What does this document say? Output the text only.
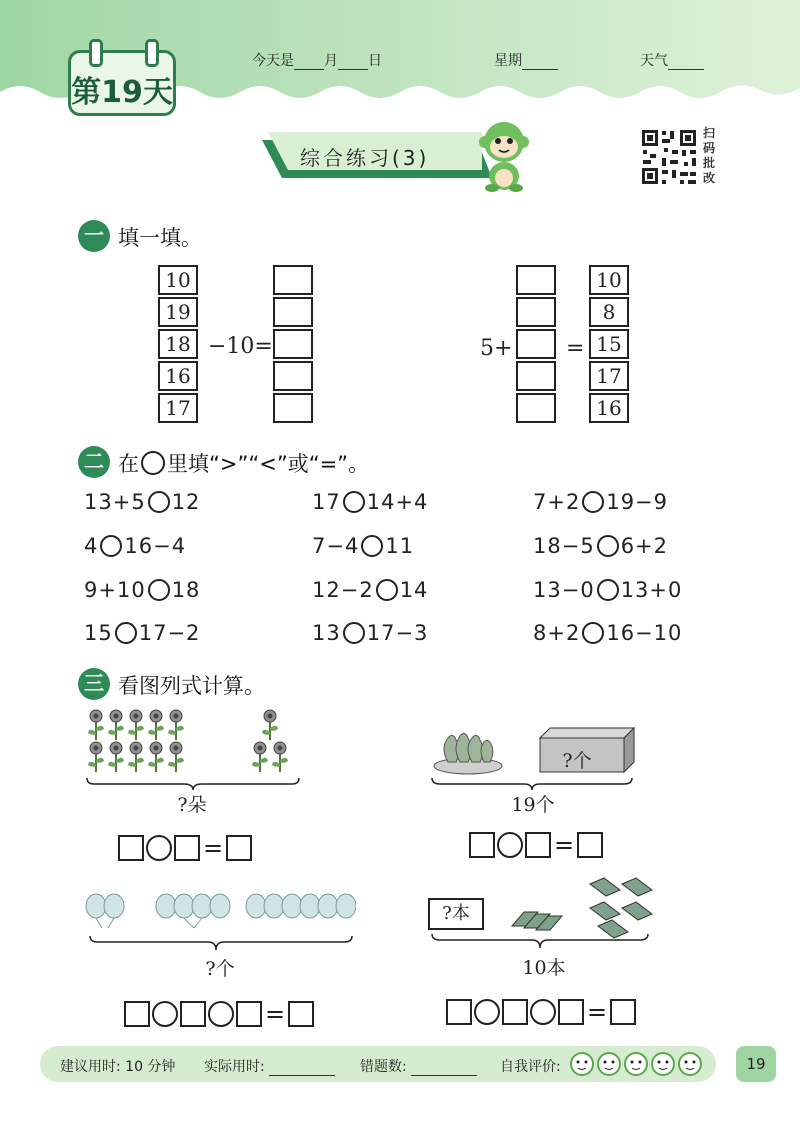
第19天
今天是 月 日	星期	天气
综合练习(3)
扫
码
批
改
一 填一填。
10
19
18
16
17
−10=	5+ =
10
8
15
17
16
二 在 里填“>”“<”或“=”。
13+5 12	17 14+4	7+2 19−9
4 16−4	7−4 11	18−5 6+2
9+10 18	12−2 14	13−0 13+0
15 17−2	13 17−3	8+2 16−10
三 看图列式计算。
?朵
?个
19个
=	=
?个
?本
10本
=	=
建议用时: 10 分钟 实际用时:	错题数:	自我评价:	19
